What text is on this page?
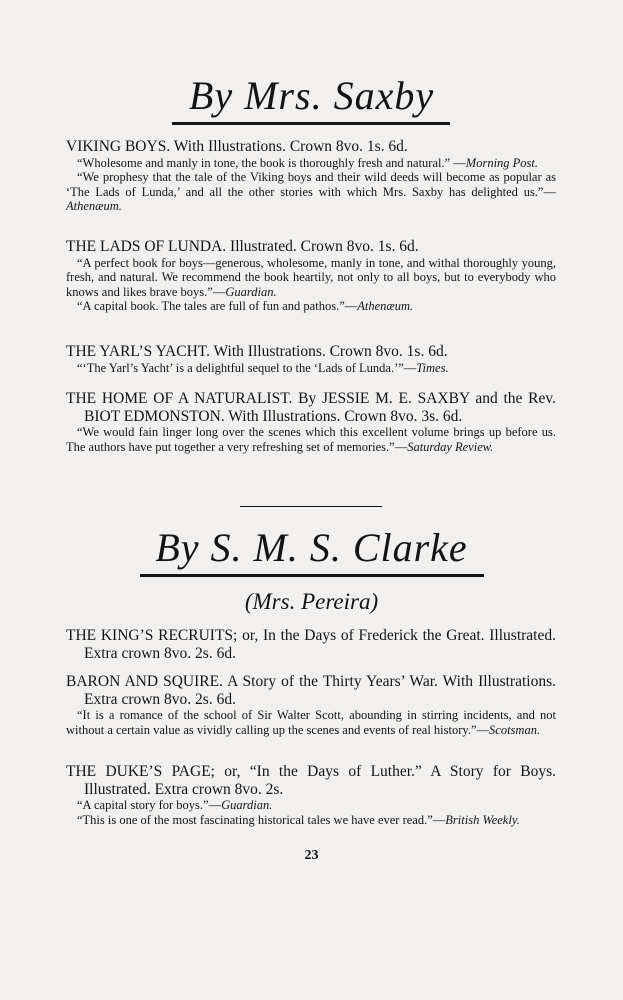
By Mrs. Saxby

VIKING BOYS. With Illustrations. Crown 8vo. 1s. 6d.

“Wholesome and manly in tone, the book is thoroughly fresh and natural.” —Morning Post.

“We prophesy that the tale of the Viking boys and their wild deeds will become as popular as ‘The Lads of Lunda,’ and all the other stories with which Mrs. Saxby has delighted us.”—Athenæum.

THE LADS OF LUNDA. Illustrated. Crown 8vo. 1s. 6d.

“A perfect book for boys—generous, wholesome, manly in tone, and withal thoroughly young, fresh, and natural. We recommend the book heartily, not only to all boys, but to everybody who knows and likes brave boys.”—Guardian.

“A capital book. The tales are full of fun and pathos.”—Athenæum.

THE YARL’S YACHT. With Illustrations. Crown 8vo. 1s. 6d.

“‘The Yarl’s Yacht’ is a delightful sequel to the ‘Lads of Lunda.’”—Times.

THE HOME OF A NATURALIST. By JESSIE M. E. SAXBY and the Rev. BIOT EDMONSTON. With Illustrations. Crown 8vo. 3s. 6d.

“We would fain linger long over the scenes which this excellent volume brings up before us. The authors have put together a very refreshing set of memories.”—Saturday Review.

By S. M. S. Clarke
(Mrs. Pereira)

THE KING’S RECRUITS; or, In the Days of Frederick the Great. Illustrated. Extra crown 8vo. 2s. 6d.

BARON AND SQUIRE. A Story of the Thirty Years’ War. With Illustrations. Extra crown 8vo. 2s. 6d.

“It is a romance of the school of Sir Walter Scott, abounding in stirring incidents, and not without a certain value as vividly calling up the scenes and events of real history.”—Scotsman.

THE DUKE’S PAGE; or, “In the Days of Luther.” A Story for Boys. Illustrated. Extra crown 8vo. 2s.

“A capital story for boys.”—Guardian.

“This is one of the most fascinating historical tales we have ever read.”—British Weekly.

23
